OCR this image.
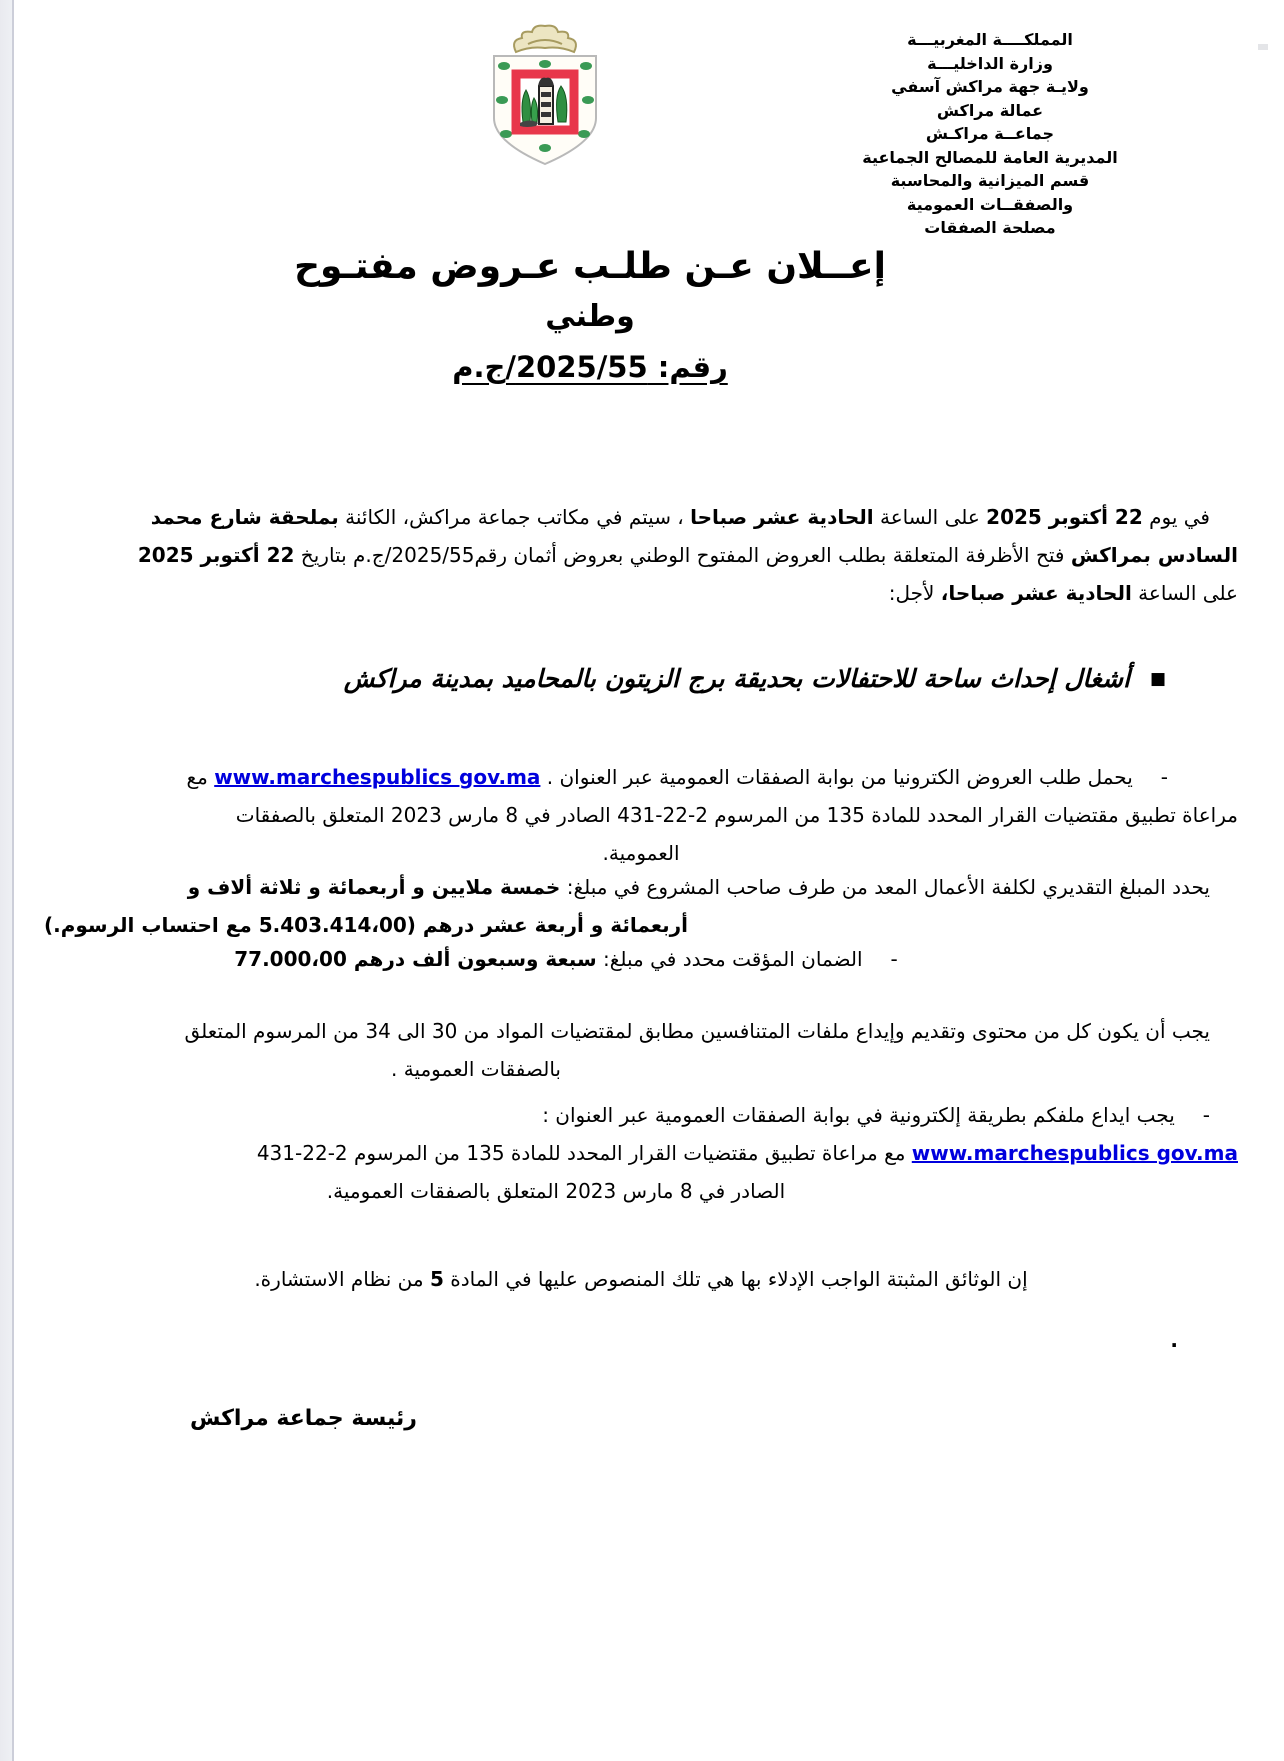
المملكــــة المغربيـــة
وزارة الداخليـــة
ولايـة جهة مراكش آسفي
عمالة مراكش
جماعــة مراكـش
المديرية العامة للمصالح الجماعية
قسم الميزانية والمحاسبة
والصفقــات العمومية
مصلحة الصفقات
إعــلان عـن طلـب عـروض مفتـوح
وطني
رقم: 2025/55/ج.م
في يوم 22 أكتوبر 2025 على الساعة الحادية عشر صباحا ، سيتم في مكاتب جماعة مراكش، الكائنة بملحقة شارع محمد
السادس بمراكش فتح الأظرفة المتعلقة بطلب العروض المفتوح الوطني بعروض أثمان رقم2025/55/ج.م بتاريخ 22 أكتوبر 2025
على الساعة الحادية عشر صباحا، لأجل:
■أشغال إحداث ساحة للاحتفالات بحديقة برج الزيتون بالمحاميد بمدينة مراكش
-يحمل طلب العروض الكترونيا من بوابة الصفقات العمومية عبر العنوان . www.marchespublics gov.ma مع
مراعاة تطبيق مقتضيات القرار المحدد للمادة 135 من المرسوم 2-22-431 الصادر في 8 مارس 2023 المتعلق بالصفقات
العمومية.
يحدد المبلغ التقديري لكلفة الأعمال المعد من طرف صاحب المشروع في مبلغ: خمسة ملايين و أربعمائة و ثلاثة ألاف و
أربعمائة و أربعة عشر درهم (5.403.414،00 مع احتساب الرسوم.)
-الضمان المؤقت محدد في مبلغ: سبعة وسبعون ألف درهم 77.000،00
يجب أن يكون كل من محتوى وتقديم وإيداع ملفات المتنافسين مطابق لمقتضيات المواد من 30 الى 34 من المرسوم المتعلق
بالصفقات العمومية .
-يجب ايداع ملفكم بطريقة إلكترونية في بوابة الصفقات العمومية عبر العنوان :
www.marchespublics gov.ma مع مراعاة تطبيق مقتضيات القرار المحدد للمادة 135 من المرسوم 2-22-431
الصادر في 8 مارس 2023 المتعلق بالصفقات العمومية.
إن الوثائق المثبتة الواجب الإدلاء بها هي تلك المنصوص عليها في المادة 5 من نظام الاستشارة.
.
رئيسة جماعة مراكش
